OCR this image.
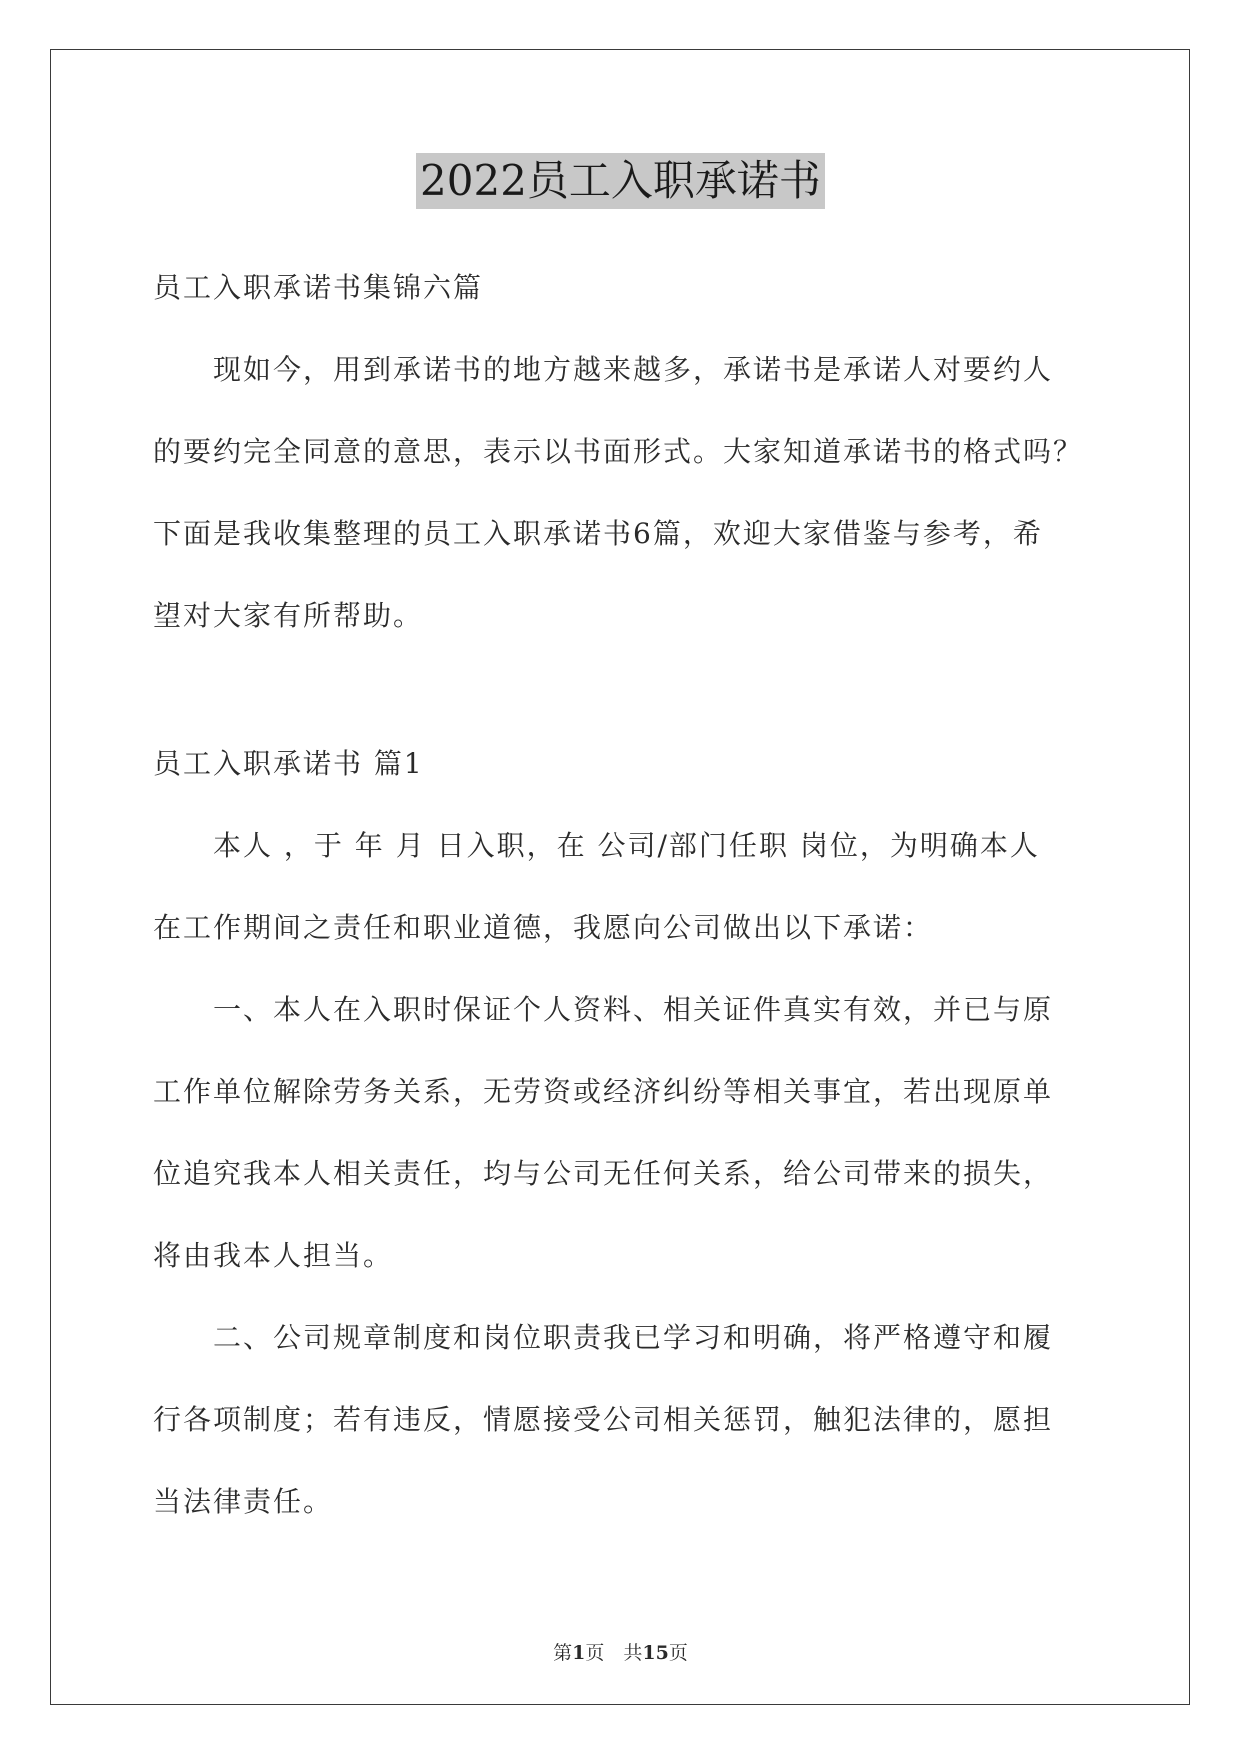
2022员工入职承诺书
员工入职承诺书集锦六篇
现如今，用到承诺书的地方越来越多，承诺书是承诺人对要约人
的要约完全同意的意思，表示以书面形式。大家知道承诺书的格式吗？
下面是我收集整理的员工入职承诺书6篇，欢迎大家借鉴与参考，希
望对大家有所帮助。
员工入职承诺书 篇1
本人 ，于 年 月 日入职，在 公司/部门任职 岗位，为明确本人
在工作期间之责任和职业道德，我愿向公司做出以下承诺：
一、本人在入职时保证个人资料、相关证件真实有效，并已与原
工作单位解除劳务关系，无劳资或经济纠纷等相关事宜，若出现原单
位追究我本人相关责任，均与公司无任何关系，给公司带来的损失，
将由我本人担当。
二、公司规章制度和岗位职责我已学习和明确，将严格遵守和履
行各项制度；若有违反，情愿接受公司相关惩罚，触犯法律的，愿担
当法律责任。
第1页　共15页
